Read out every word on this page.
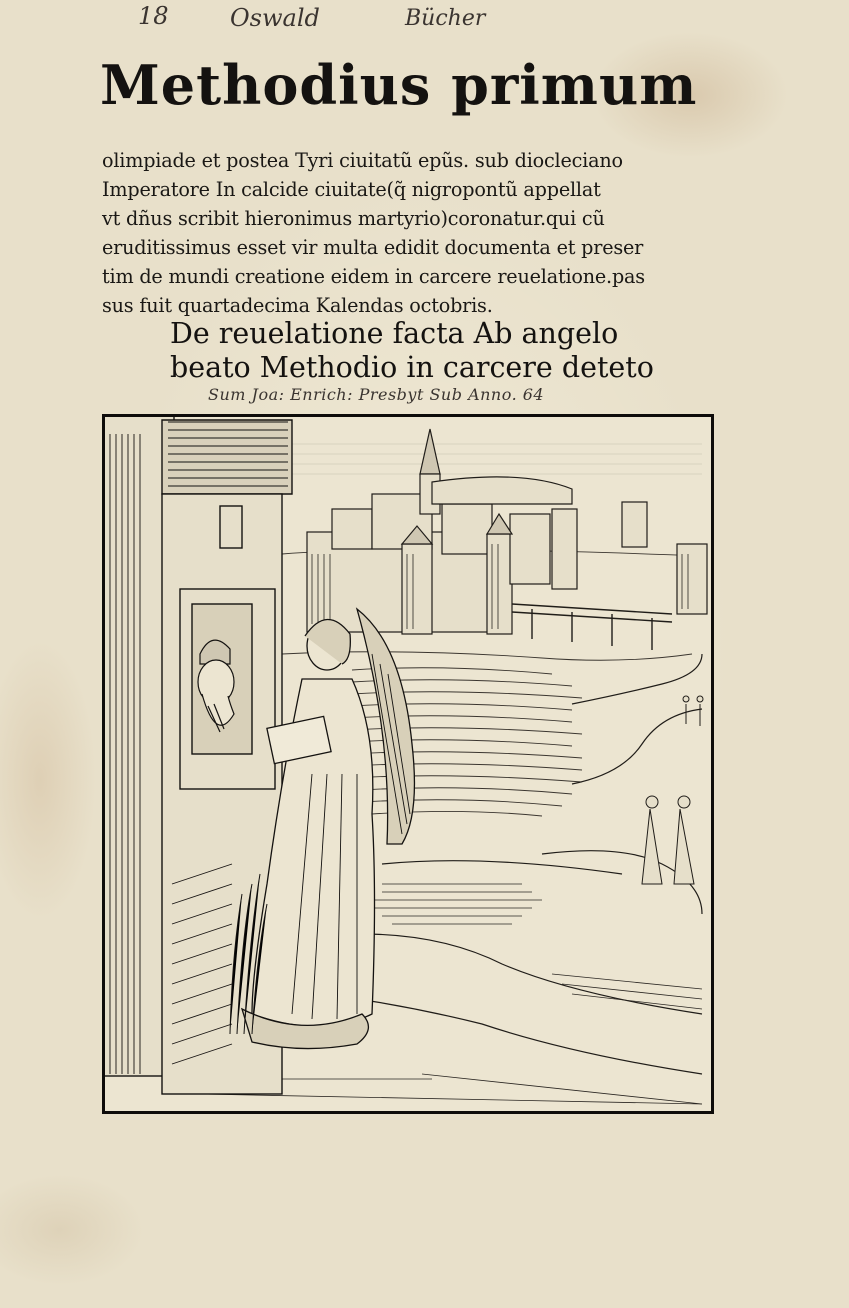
18	Oswald	Bücher
Methodius primum
olimpiade et postea Tyri ciuitatũ epũs. sub diocleciano
Imperatore In calcide ciuitate(q̃ nigropontũ appellat
vt dñus scribit hieronimus martyrio)coronatur.qui cũ
eruditissimus esset vir multa edidit documenta et preser
tim de mundi creatione eidem in carcere reuelatione.pas
sus fuit quartadecima Kalendas octobris.
De reuelatione facta Ab angelo
beato Methodio in carcere deteto
Sum Joa: Enrich: Presbyt Sub Anno. 64
